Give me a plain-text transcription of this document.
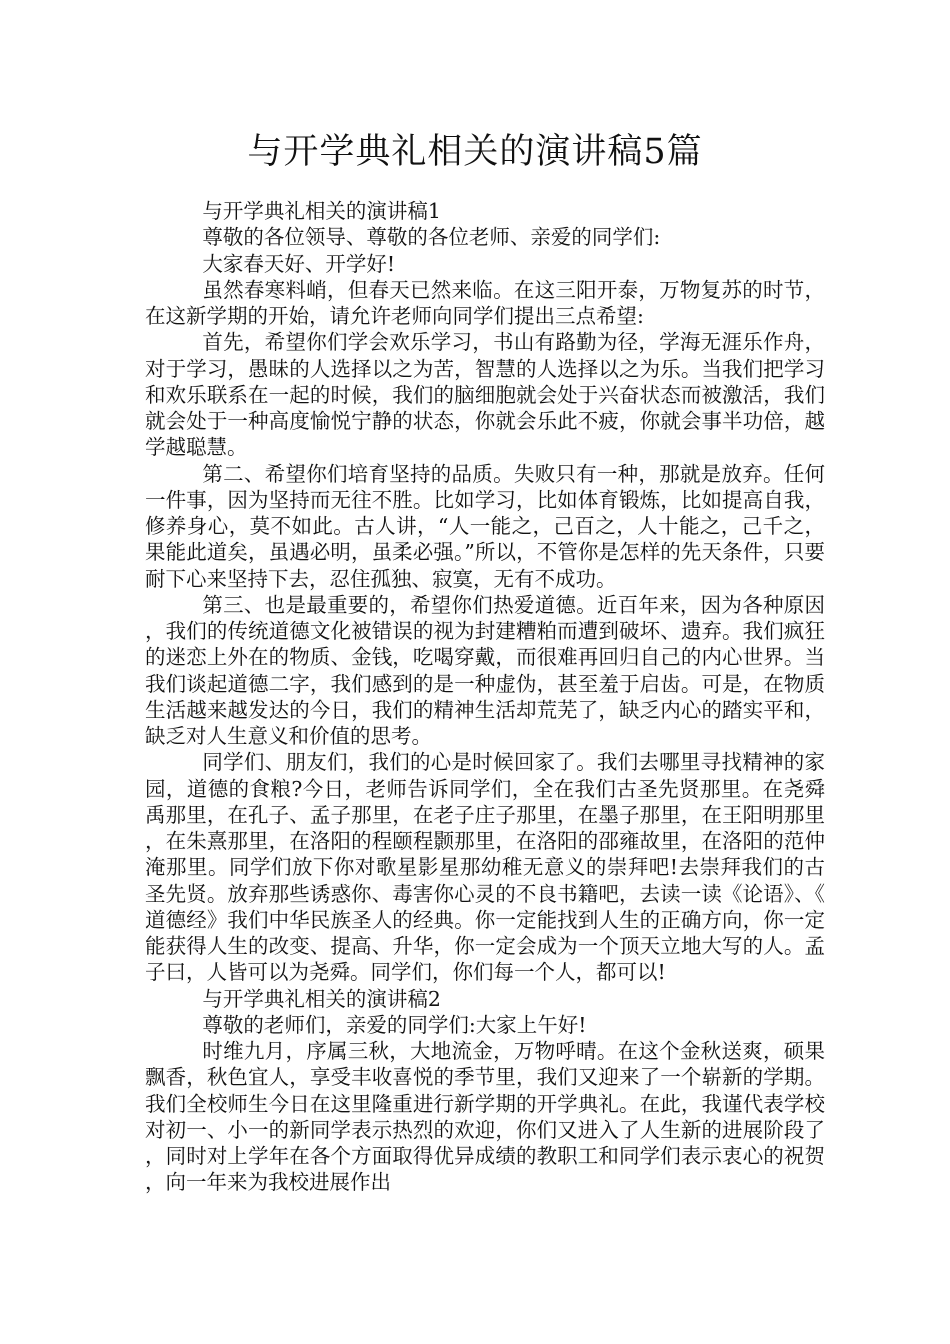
与开学典礼相关的演讲稿5篇

与开学典礼相关的演讲稿1

尊敬的各位领导、尊敬的各位老师、亲爱的同学们:

大家春天好、开学好!

虽然春寒料峭，但春天已然来临。在这三阳开泰，万物复苏的时节，在这新学期的开始，请允许老师向同学们提出三点希望:

首先，希望你们学会欢乐学习，书山有路勤为径，学海无涯乐作舟，对于学习，愚昧的人选择以之为苦，智慧的人选择以之为乐。当我们把学习和欢乐联系在一起的时候，我们的脑细胞就会处于兴奋状态而被激活，我们就会处于一种高度愉悦宁静的状态，你就会乐此不疲，你就会事半功倍，越学越聪慧。

第二、希望你们培育坚持的品质。失败只有一种，那就是放弃。任何一件事，因为坚持而无往不胜。比如学习，比如体育锻炼，比如提高自我，修养身心，莫不如此。古人讲，“人一能之，己百之，人十能之，己千之，果能此道矣，虽遇必明，虽柔必强。”所以，不管你是怎样的先天条件，只要耐下心来坚持下去，忍住孤独、寂寞，无有不成功。

第三、也是最重要的，希望你们热爱道德。近百年来，因为各种原因，我们的传统道德文化被错误的视为封建糟粕而遭到破坏、遗弃。我们疯狂的迷恋上外在的物质、金钱，吃喝穿戴，而很难再回归自己的内心世界。当我们谈起道德二字，我们感到的是一种虚伪，甚至羞于启齿。可是，在物质生活越来越发达的今日，我们的精神生活却荒芜了，缺乏内心的踏实平和，缺乏对人生意义和价值的思考。

同学们、朋友们，我们的心是时候回家了。我们去哪里寻找精神的家园，道德的食粮?今日，老师告诉同学们，全在我们古圣先贤那里。在尧舜禹那里，在孔子、孟子那里，在老子庄子那里，在墨子那里，在王阳明那里，在朱熹那里，在洛阳的程颐程颢那里，在洛阳的邵雍故里，在洛阳的范仲淹那里。同学们放下你对歌星影星那幼稚无意义的崇拜吧!去崇拜我们的古圣先贤。放弃那些诱惑你、毒害你心灵的不良书籍吧，去读一读《论语》、《道德经》我们中华民族圣人的经典。你一定能找到人生的正确方向，你一定能获得人生的改变、提高、升华，你一定会成为一个顶天立地大写的人。孟子曰，人皆可以为尧舜。同学们，你们每一个人，都可以!

与开学典礼相关的演讲稿2

尊敬的老师们，亲爱的同学们:大家上午好!

时维九月，序属三秋，大地流金，万物呼晴。在这个金秋送爽，硕果飘香，秋色宜人，享受丰收喜悦的季节里，我们又迎来了一个崭新的学期。我们全校师生今日在这里隆重进行新学期的开学典礼。在此，我谨代表学校对初一、小一的新同学表示热烈的欢迎，你们又进入了人生新的进展阶段了，同时对上学年在各个方面取得优异成绩的教职工和同学们表示衷心的祝贺，向一年来为我校进展作出
